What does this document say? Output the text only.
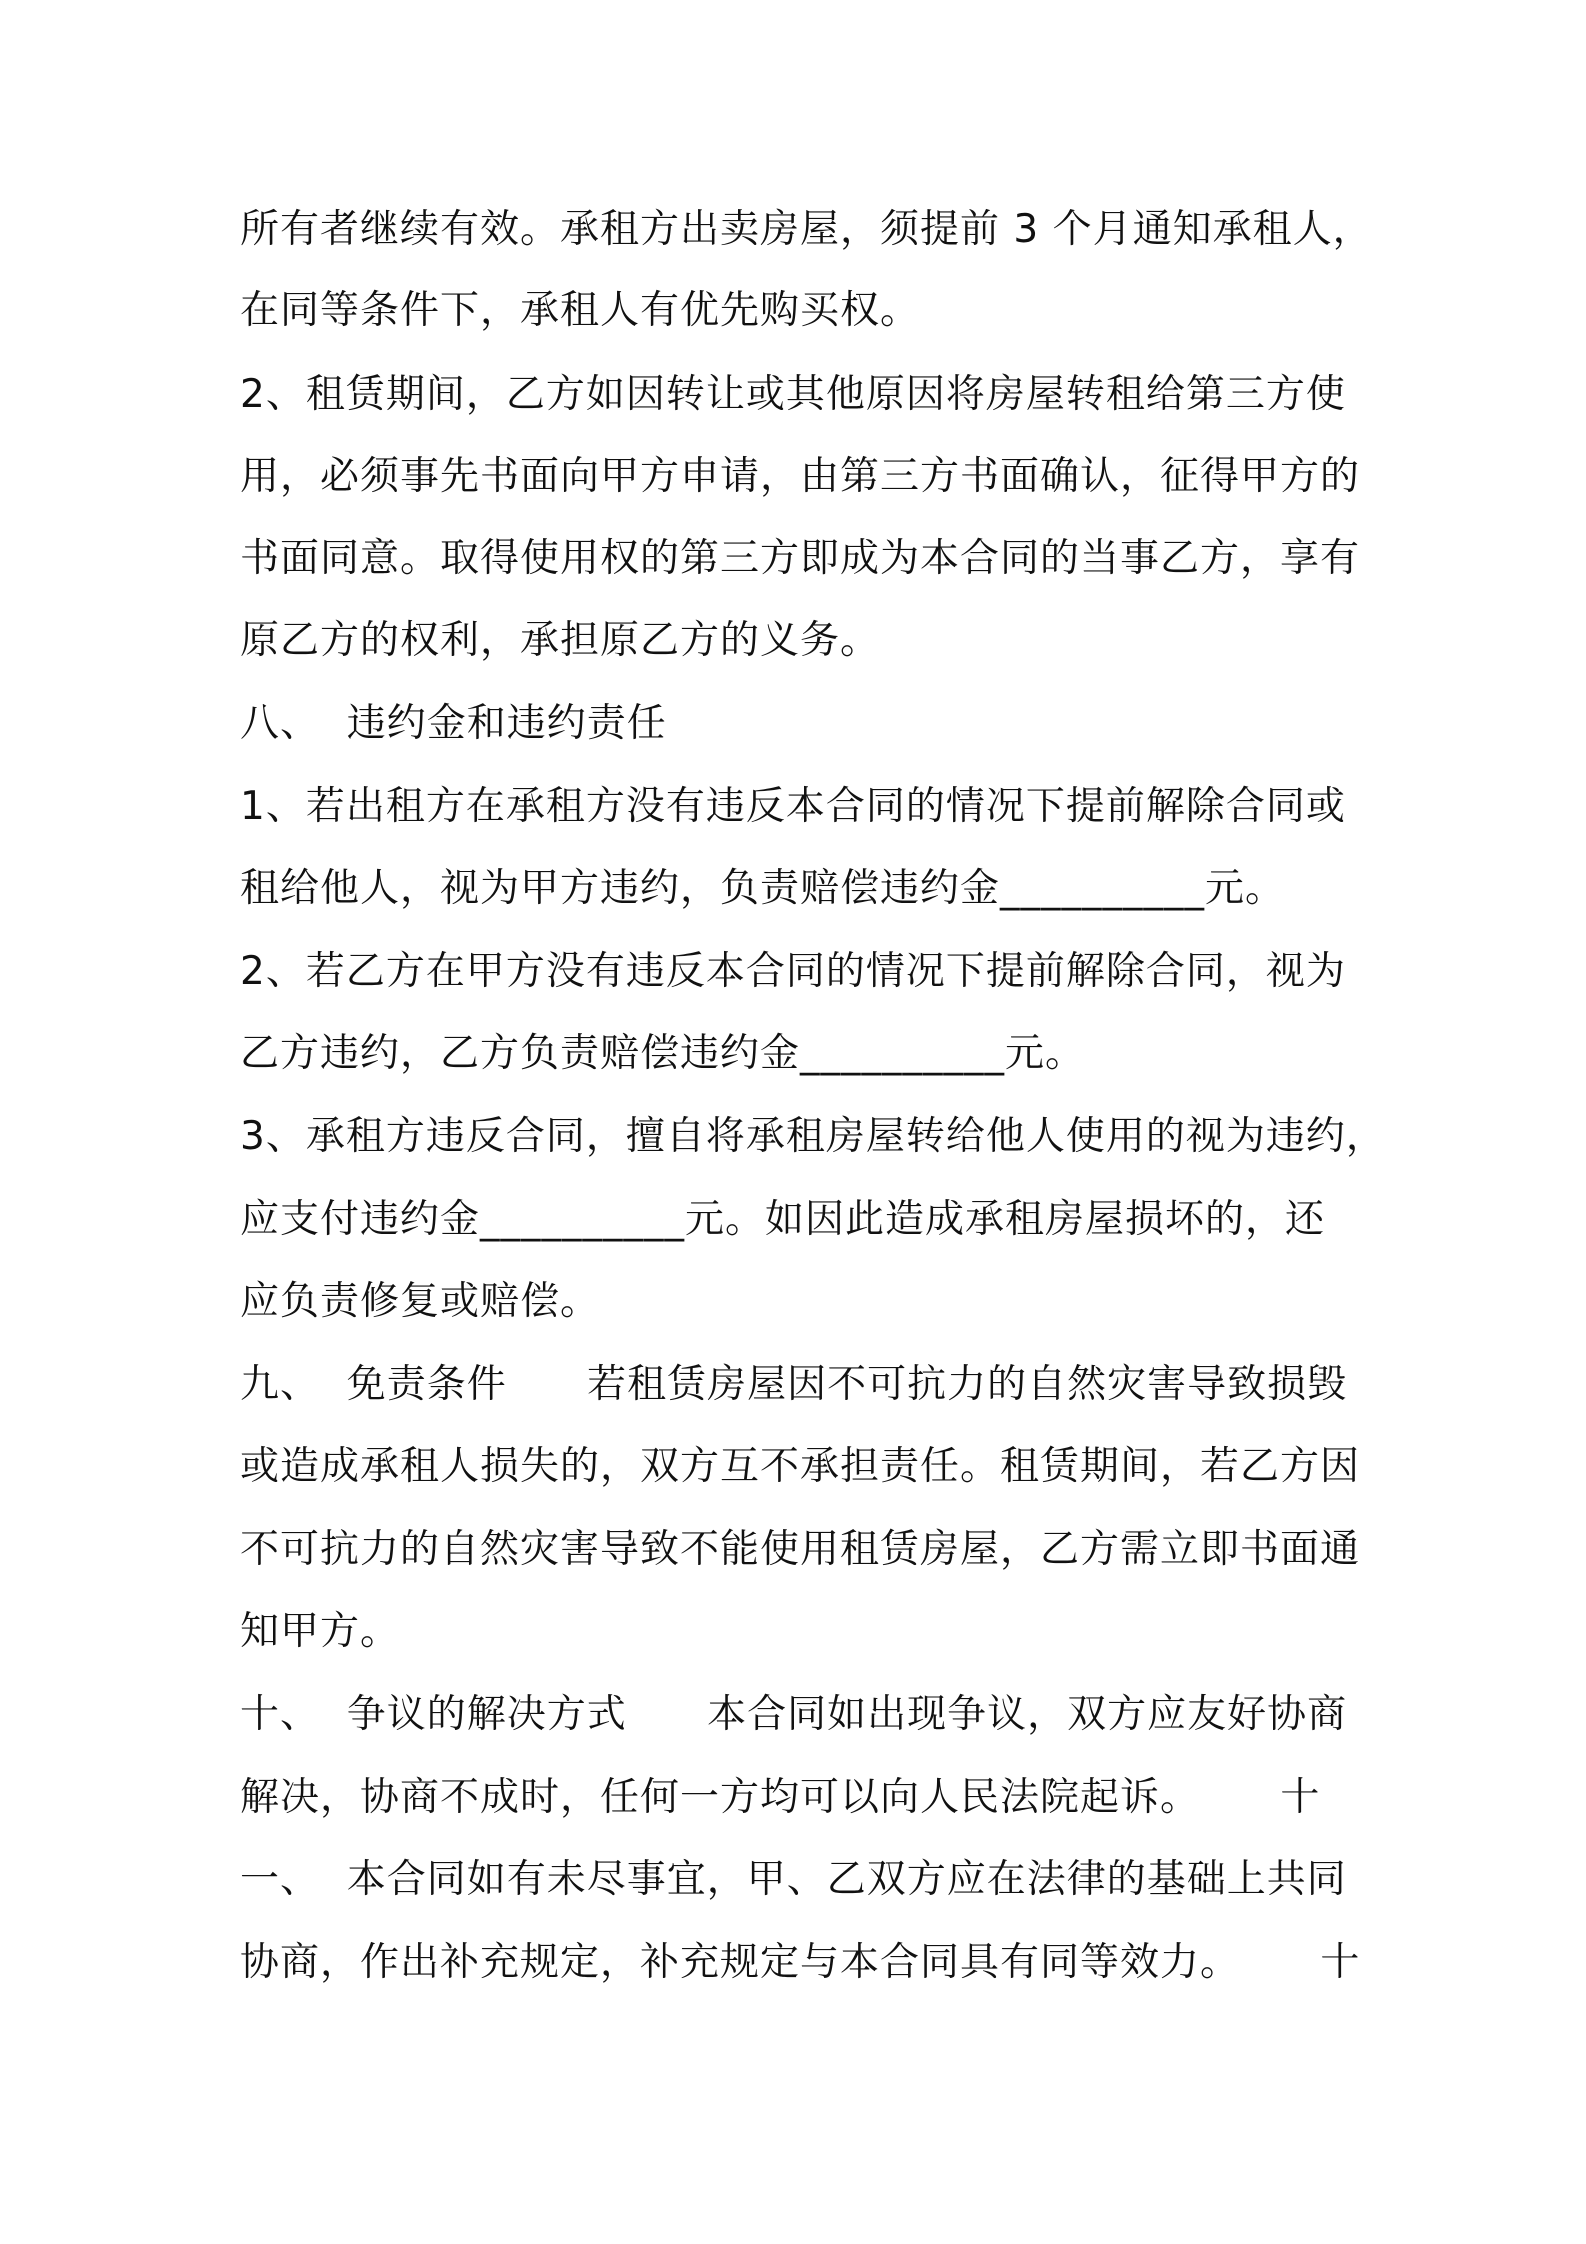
所有者继续有效。承租方出卖房屋，须提前 3 个月通知承租人，
在同等条件下，承租人有优先购买权。
2、租赁期间，乙方如因转让或其他原因将房屋转租给第三方使
用，必须事先书面向甲方申请，由第三方书面确认，征得甲方的
书面同意。取得使用权的第三方即成为本合同的当事乙方，享有
原乙方的权利，承担原乙方的义务。
八、  违约金和违约责任
1、若出租方在承租方没有违反本合同的情况下提前解除合同或
租给他人，视为甲方违约，负责赔偿违约金__________元。
2、若乙方在甲方没有违反本合同的情况下提前解除合同，视为
乙方违约，乙方负责赔偿违约金__________元。
3、承租方违反合同，擅自将承租房屋转给他人使用的视为违约，
应支付违约金__________元。如因此造成承租房屋损坏的，还
应负责修复或赔偿。
九、  免责条件      若租赁房屋因不可抗力的自然灾害导致损毁
或造成承租人损失的，双方互不承担责任。租赁期间，若乙方因
不可抗力的自然灾害导致不能使用租赁房屋，乙方需立即书面通
知甲方。
十、  争议的解决方式      本合同如出现争议，双方应友好协商
解决，协商不成时，任何一方均可以向人民法院起诉。      十
一、  本合同如有未尽事宜，甲、乙双方应在法律的基础上共同
协商，作出补充规定，补充规定与本合同具有同等效力。      十
